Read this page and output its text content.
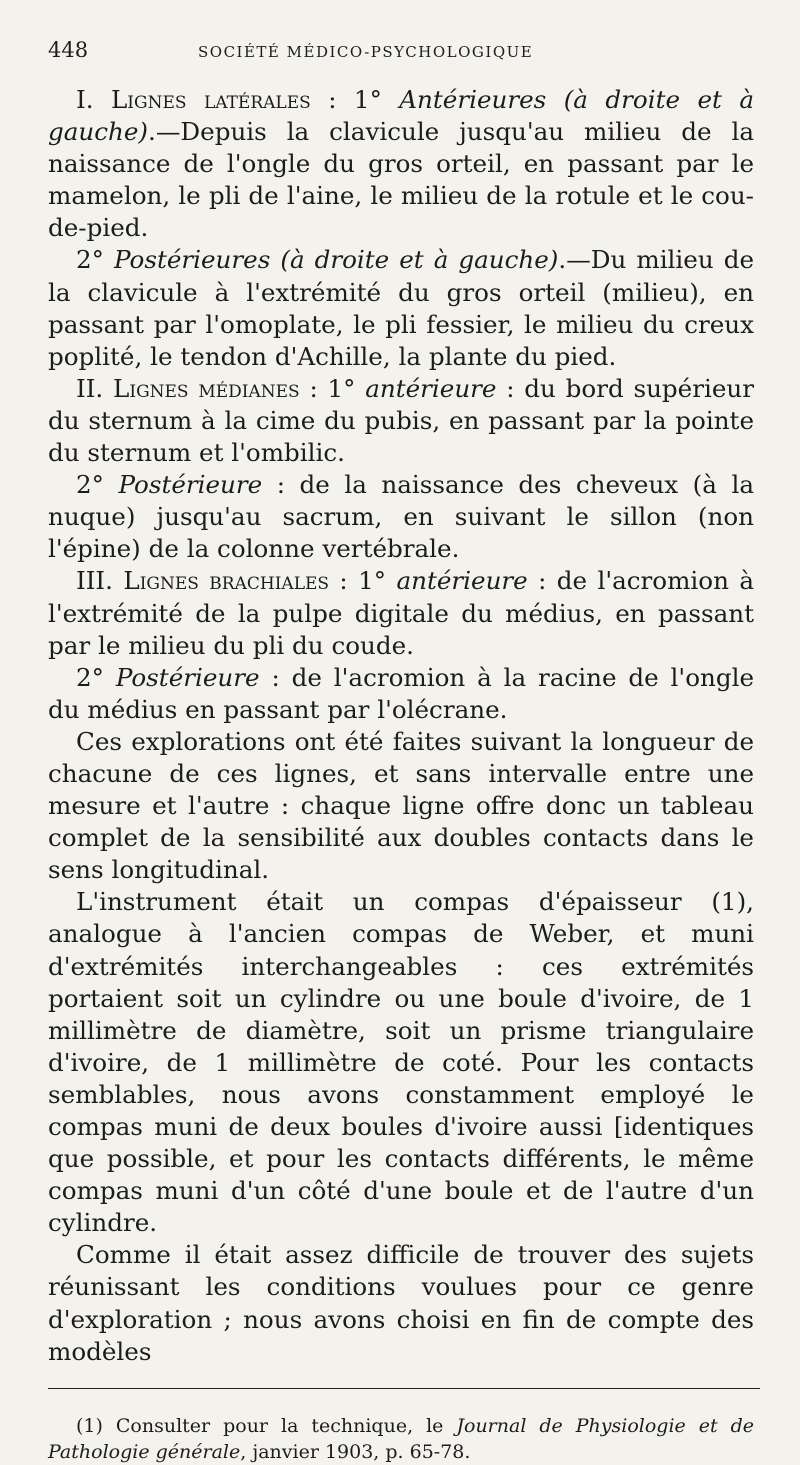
448	SOCIÉTÉ MÉDICO-PSYCHOLOGIQUE

I. Lignes latérales : 1° Antérieures (à droite et à gauche).—Depuis la clavicule jusqu'au milieu de la naissance de l'ongle du gros orteil, en passant par le mamelon, le pli de l'aine, le milieu de la rotule et le cou-de-pied.

2° Postérieures (à droite et à gauche).—Du milieu de la clavicule à l'extrémité du gros orteil (milieu), en passant par l'omoplate, le pli fessier, le milieu du creux poplité, le tendon d'Achille, la plante du pied.

II. Lignes médianes : 1° antérieure : du bord supérieur du sternum à la cime du pubis, en passant par la pointe du sternum et l'ombilic.

2° Postérieure : de la naissance des cheveux (à la nuque) jusqu'au sacrum, en suivant le sillon (non l'épine) de la colonne vertébrale.

III. Lignes brachiales : 1° antérieure : de l'acromion à l'extrémité de la pulpe digitale du médius, en passant par le milieu du pli du coude.

2° Postérieure : de l'acromion à la racine de l'ongle du médius en passant par l'olécrane.

Ces explorations ont été faites suivant la longueur de chacune de ces lignes, et sans intervalle entre une mesure et l'autre : chaque ligne offre donc un tableau complet de la sensibilité aux doubles contacts dans le sens longitudinal.

L'instrument était un compas d'épaisseur (1), analogue à l'ancien compas de Weber, et muni d'extrémités interchangeables : ces extrémités portaient soit un cylindre ou une boule d'ivoire, de 1 millimètre de diamètre, soit un prisme triangulaire d'ivoire, de 1 millimètre de coté. Pour les contacts semblables, nous avons constamment employé le compas muni de deux boules d'ivoire aussi [identiques que possible, et pour les contacts différents, le même compas muni d'un côté d'une boule et de l'autre d'un cylindre.

Comme il était assez difficile de trouver des sujets réunissant les conditions voulues pour ce genre d'exploration ; nous avons choisi en fin de compte des modèles

(1) Consulter pour la technique, le Journal de Physiologie et de Pathologie générale, janvier 1903, p. 65-78.
